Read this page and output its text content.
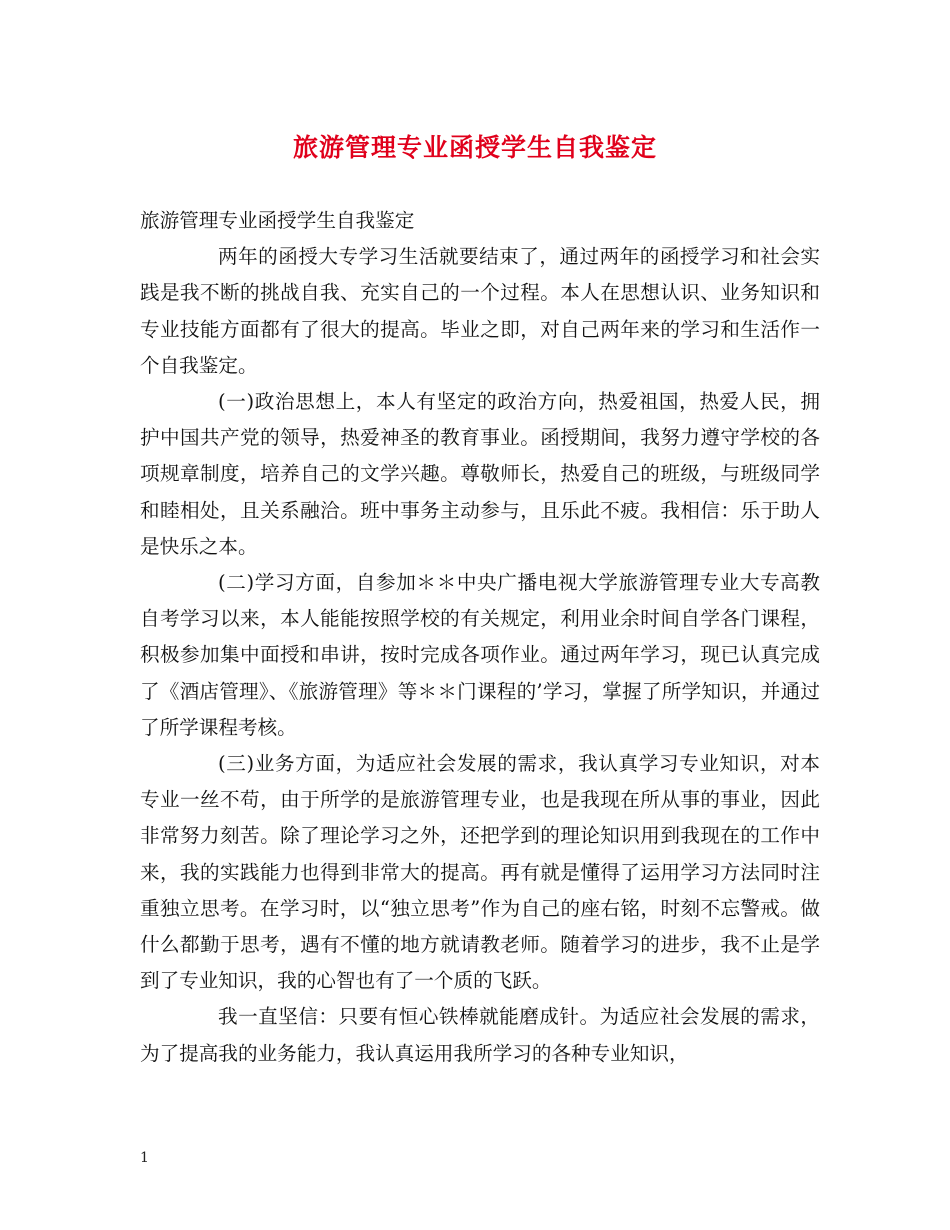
旅游管理专业函授学生自我鉴定

旅游管理专业函授学生自我鉴定

两年的函授大专学习生活就要结束了，通过两年的函授学习和社会实践是我不断的挑战自我、充实自己的一个过程。本人在思想认识、业务知识和专业技能方面都有了很大的提高。毕业之即，对自己两年来的学习和生活作一个自我鉴定。

(一)政治思想上，本人有坚定的政治方向，热爱祖国，热爱人民，拥护中国共产党的领导，热爱神圣的教育事业。函授期间，我努力遵守学校的各项规章制度，培养自己的文学兴趣。尊敬师长，热爱自己的班级，与班级同学和睦相处，且关系融洽。班中事务主动参与，且乐此不疲。我相信：乐于助人是快乐之本。

(二)学习方面，自参加＊＊中央广播电视大学旅游管理专业大专高教自考学习以来，本人能能按照学校的有关规定，利用业余时间自学各门课程，积极参加集中面授和串讲，按时完成各项作业。通过两年学习，现已认真完成了《酒店管理》、《旅游管理》等＊＊门课程的’学习，掌握了所学知识，并通过了所学课程考核。

(三)业务方面，为适应社会发展的需求，我认真学习专业知识，对本专业一丝不苟，由于所学的是旅游管理专业，也是我现在所从事的事业，因此非常努力刻苦。除了理论学习之外，还把学到的理论知识用到我现在的工作中来，我的实践能力也得到非常大的提高。再有就是懂得了运用学习方法同时注重独立思考。在学习时，以“独立思考”作为自己的座右铭，时刻不忘警戒。做什么都勤于思考，遇有不懂的地方就请教老师。随着学习的进步，我不止是学到了专业知识，我的心智也有了一个质的飞跃。

我一直坚信：只要有恒心铁棒就能磨成针。为适应社会发展的需求，为了提高我的业务能力，我认真运用我所学习的各种专业知识，

1
